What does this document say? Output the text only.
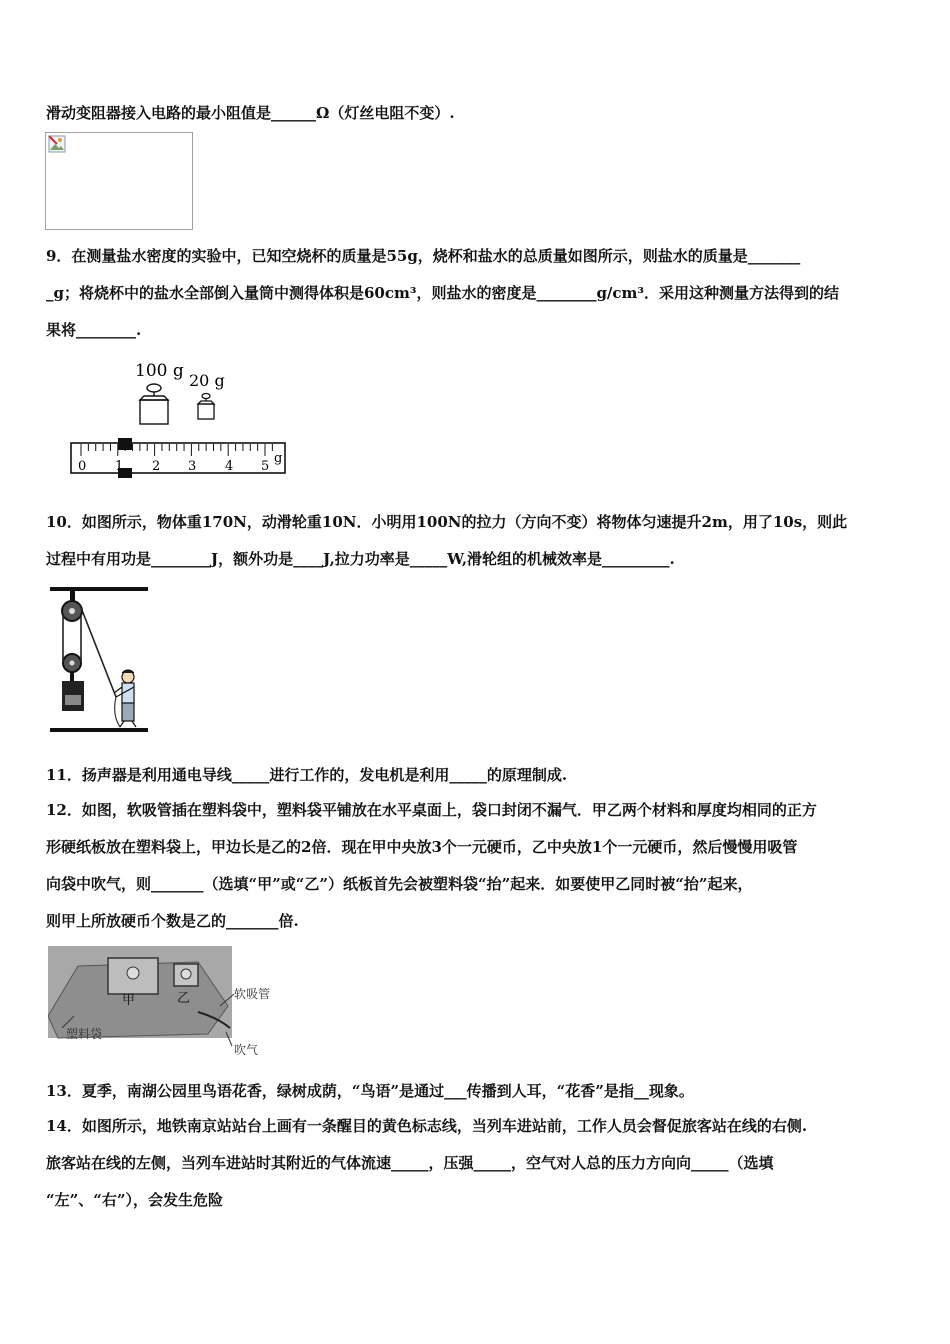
滑动变阻器接入电路的最小阻值是______Ω（灯丝电阻不变）.
9．在测量盐水密度的实验中，已知空烧杯的质量是55g，烧杯和盐水的总质量如图所示，则盐水的质量是_______
_g；将烧杯中的盐水全部倒入量筒中测得体积是60cm³，则盐水的密度是________g/cm³．采用这种测量方法得到的结
果将________.
100 g 20 g
0 1 2 3 4 5
g
10．如图所示，物体重170N，动滑轮重10N．小明用100N的拉力（方向不变）将物体匀速提升2m，用了10s，则此
过程中有用功是________J，额外功是____J,拉力功率是_____W,滑轮组的机械效率是_________.
11．扬声器是利用通电导线_____进行工作的，发电机是利用_____的原理制成.
12．如图，软吸管插在塑料袋中，塑料袋平铺放在水平桌面上，袋口封闭不漏气．甲乙两个材料和厚度均相同的正方
形硬纸板放在塑料袋上，甲边长是乙的2倍．现在甲中央放3个一元硬币，乙中央放1个一元硬币，然后慢慢用吸管
向袋中吹气，则_______（选填“甲”或“乙”）纸板首先会被塑料袋“抬”起来．如要使甲乙同时被“抬”起来，
则甲上所放硬币个数是乙的_______倍.
甲	乙	软吸管
塑料袋
吹气
13．夏季，南湖公园里鸟语花香，绿树成荫，“鸟语”是通过___传播到人耳，“花香”是指__现象。
14．如图所示，地铁南京站站台上画有一条醒目的黄色标志线，当列车进站前，工作人员会督促旅客站在线的右侧.
旅客站在线的左侧，当列车进站时其附近的气体流速_____，压强_____，空气对人总的压力方向向_____（选填
“左”、“右”），会发生危险
